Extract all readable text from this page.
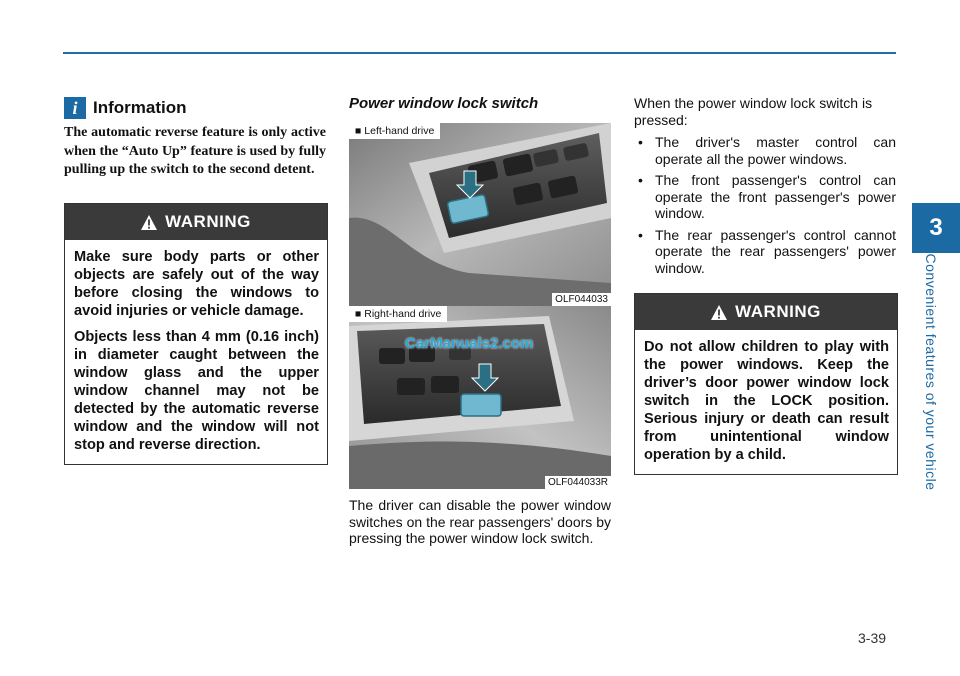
i Information
The automatic reverse feature is only active when the “Auto Up” feature is used by fully pulling up the switch to the second detent.
WARNING

Make sure body parts or other objects are safely out of the way before closing the windows to avoid injuries or vehicle damage.

Objects less than 4 mm (0.16 inch) in diameter caught between the window glass and the upper window channel may not be detected by the automatic reverse window and the window will not stop and reverse direction.

Power window lock switch
■ Left-hand drive
OLF044033
■ Right-hand drive
CarManuals2.com
OLF044033R
The driver can disable the power window switches on the rear passengers' doors by pressing the power window lock switch.

When the power window lock switch is pressed:

• The driver's master control can operate all the power windows.
• The front passenger's control can operate the front passenger's power window.
• The rear passenger's control cannot operate the rear passengers' power window.
WARNING

Do not allow children to play with the power windows. Keep the driver’s door power window lock switch in the LOCK position. Serious injury or death can result from unintentional window operation by a child.

3
Convenient features of your vehicle
3-39
